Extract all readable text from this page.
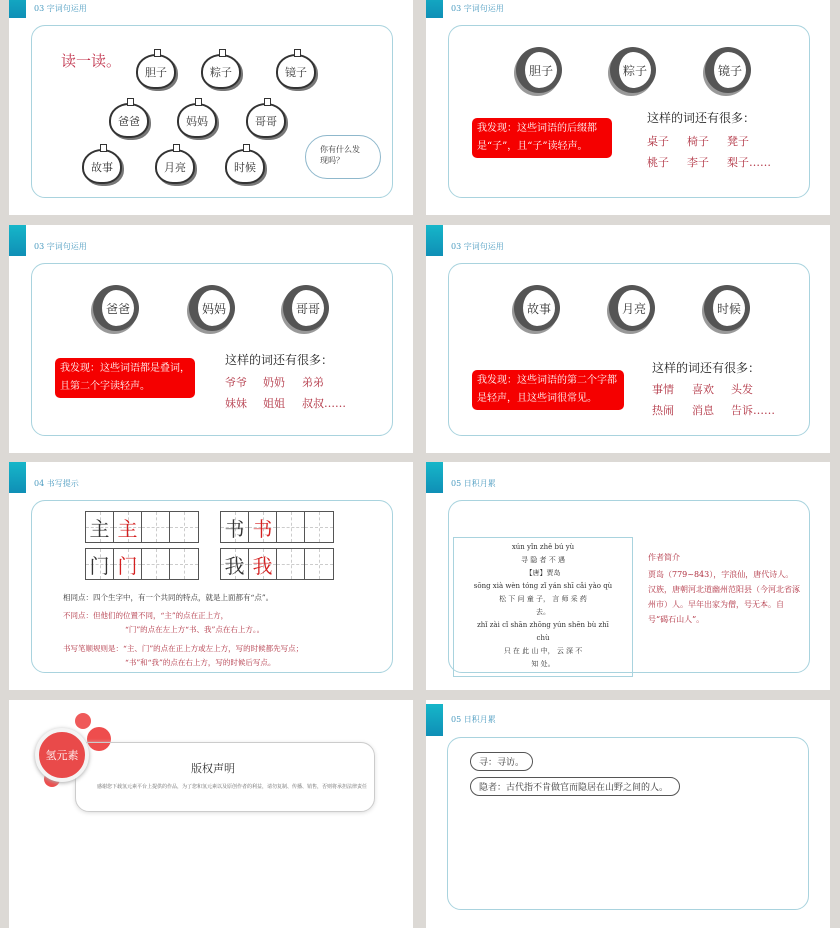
03 字词句运用
读一读。
胆子	粽子	镜子
爸爸	妈妈	哥哥
故事	月亮	时候
你有什么发现吗？
03 字词句运用
胆子	粽子	镜子
我发现：这些词语的后缀都是“子”，且“子”读轻声。
这样的词还有很多：
桌子 椅子 凳子
桃子 李子 梨子……
03 字词句运用
爸爸	妈妈	哥哥
我发现：这些词语都是叠词，且第二个字读轻声。
这样的词还有很多：
爷爷 奶奶 弟弟
妹妹 姐姐 叔叔……
03 字词句运用
故事	月亮	时候
我发现：这些词语的第二个字都是轻声，且这些词很常见。
这样的词还有很多：
事情 喜欢 头发
热闹 消息 告诉……
04 书写提示
主 主	书 书
门 门	我 我
相同点：四个生字中，有一个共同的特点，就是上面都有“点”。
不同点：但他们的位置不同，“主”的点在正上方，
“门”的点在左上方“书、我”点在右上方。。
书写笔顺规则是：“主、门”的点在正上方或左上方，写的时候都先写点；
“书”和“我”的点在右上方，写的时候后写点。
05 日积月累
xún yǐn zhě bú yù
寻 隐 者 不 遇
【唐】贾岛
sōng xià wèn tóng zǐ yán shī cǎi yào qù
松 下 问 童 子， 言 师 采 药
去。
zhǐ zài cǐ shān zhōng yún shēn bù zhī
chù
只 在 此 山 中， 云 深 不
知 处。
作者简介
贾岛（779~843），字浪仙，唐代诗人。汉族，唐朝河北道幽州范阳县（今河北省涿州市）人。早年出家为僧，号无本。自号“碣石山人”。
氢元素
版权声明
感谢您下载氢元素平台上提供的作品，为了您和氢元素以及原创作者的利益，请勿复制、传播、销售，否则将承担法律责任
05 日积月累
寻：寻访。
隐者：古代指不肯做官而隐居在山野之间的人。
